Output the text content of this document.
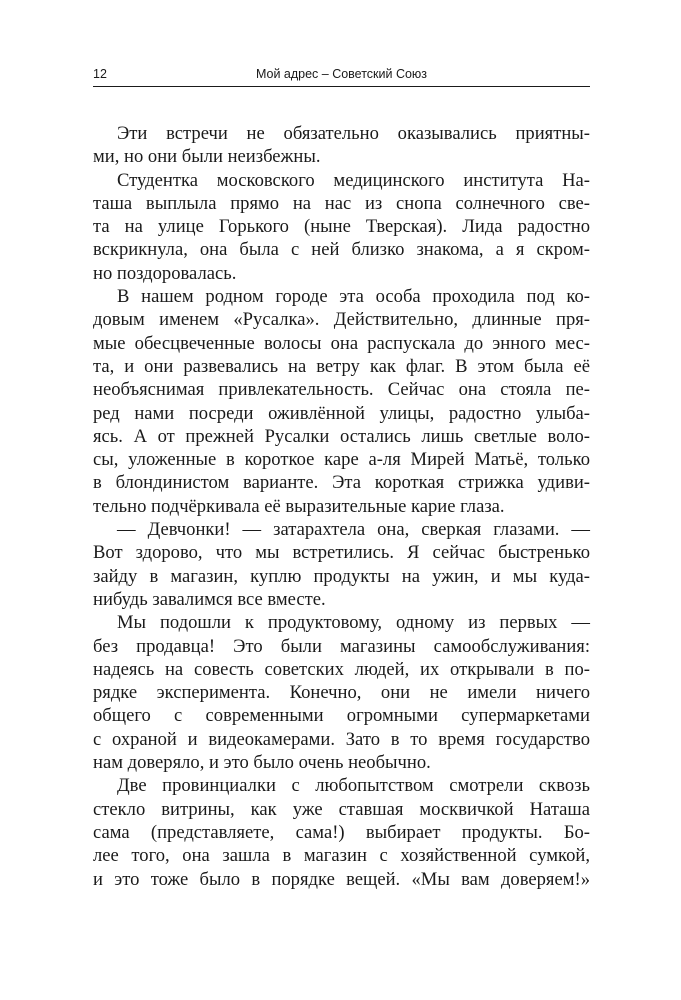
12	Мой адрес – Советский Союз
Эти встречи не обязательно оказывались приятны-
ми, но они были неизбежны.
Студентка московского медицинского института На-
таша выплыла прямо на нас из снопа солнечного све-
та на улице Горького (ныне Тверская). Лида радостно
вскрикнула, она была с ней близко знакома, а я скром-
но поздоровалась.
В нашем родном городе эта особа проходила под ко-
довым именем «Русалка». Действительно, длинные пря-
мые обесцвеченные волосы она распускала до энного мес-
та, и они развевались на ветру как флаг. В этом была её
необъяснимая привлекательность. Сейчас она стояла пе-
ред нами посреди оживлённой улицы, радостно улыба-
ясь. А от прежней Русалки остались лишь светлые воло-
сы, уложенные в короткое каре а-ля Мирей Матьё, только
в блондинистом варианте. Эта короткая стрижка удиви-
тельно подчёркивала её выразительные карие глаза.
— Девчонки! — затарахтела она, сверкая глазами. —
Вот здорово, что мы встретились. Я сейчас быстренько
зайду в магазин, куплю продукты на ужин, и мы куда-
нибудь завалимся все вместе.
Мы подошли к продуктовому, одному из первых —
без продавца! Это были магазины самообслуживания:
надеясь на совесть советских людей, их открывали в по-
рядке эксперимента. Конечно, они не имели ничего
общего с современными огромными супермаркетами
с охраной и видеокамерами. Зато в то время государство
нам доверяло, и это было очень необычно.
Две провинциалки с любопытством смотрели сквозь
стекло витрины, как уже ставшая москвичкой Наташа
сама (представляете, сама!) выбирает продукты. Бо-
лее того, она зашла в магазин с хозяйственной сумкой,
и это тоже было в порядке вещей. «Мы вам доверяем!»
